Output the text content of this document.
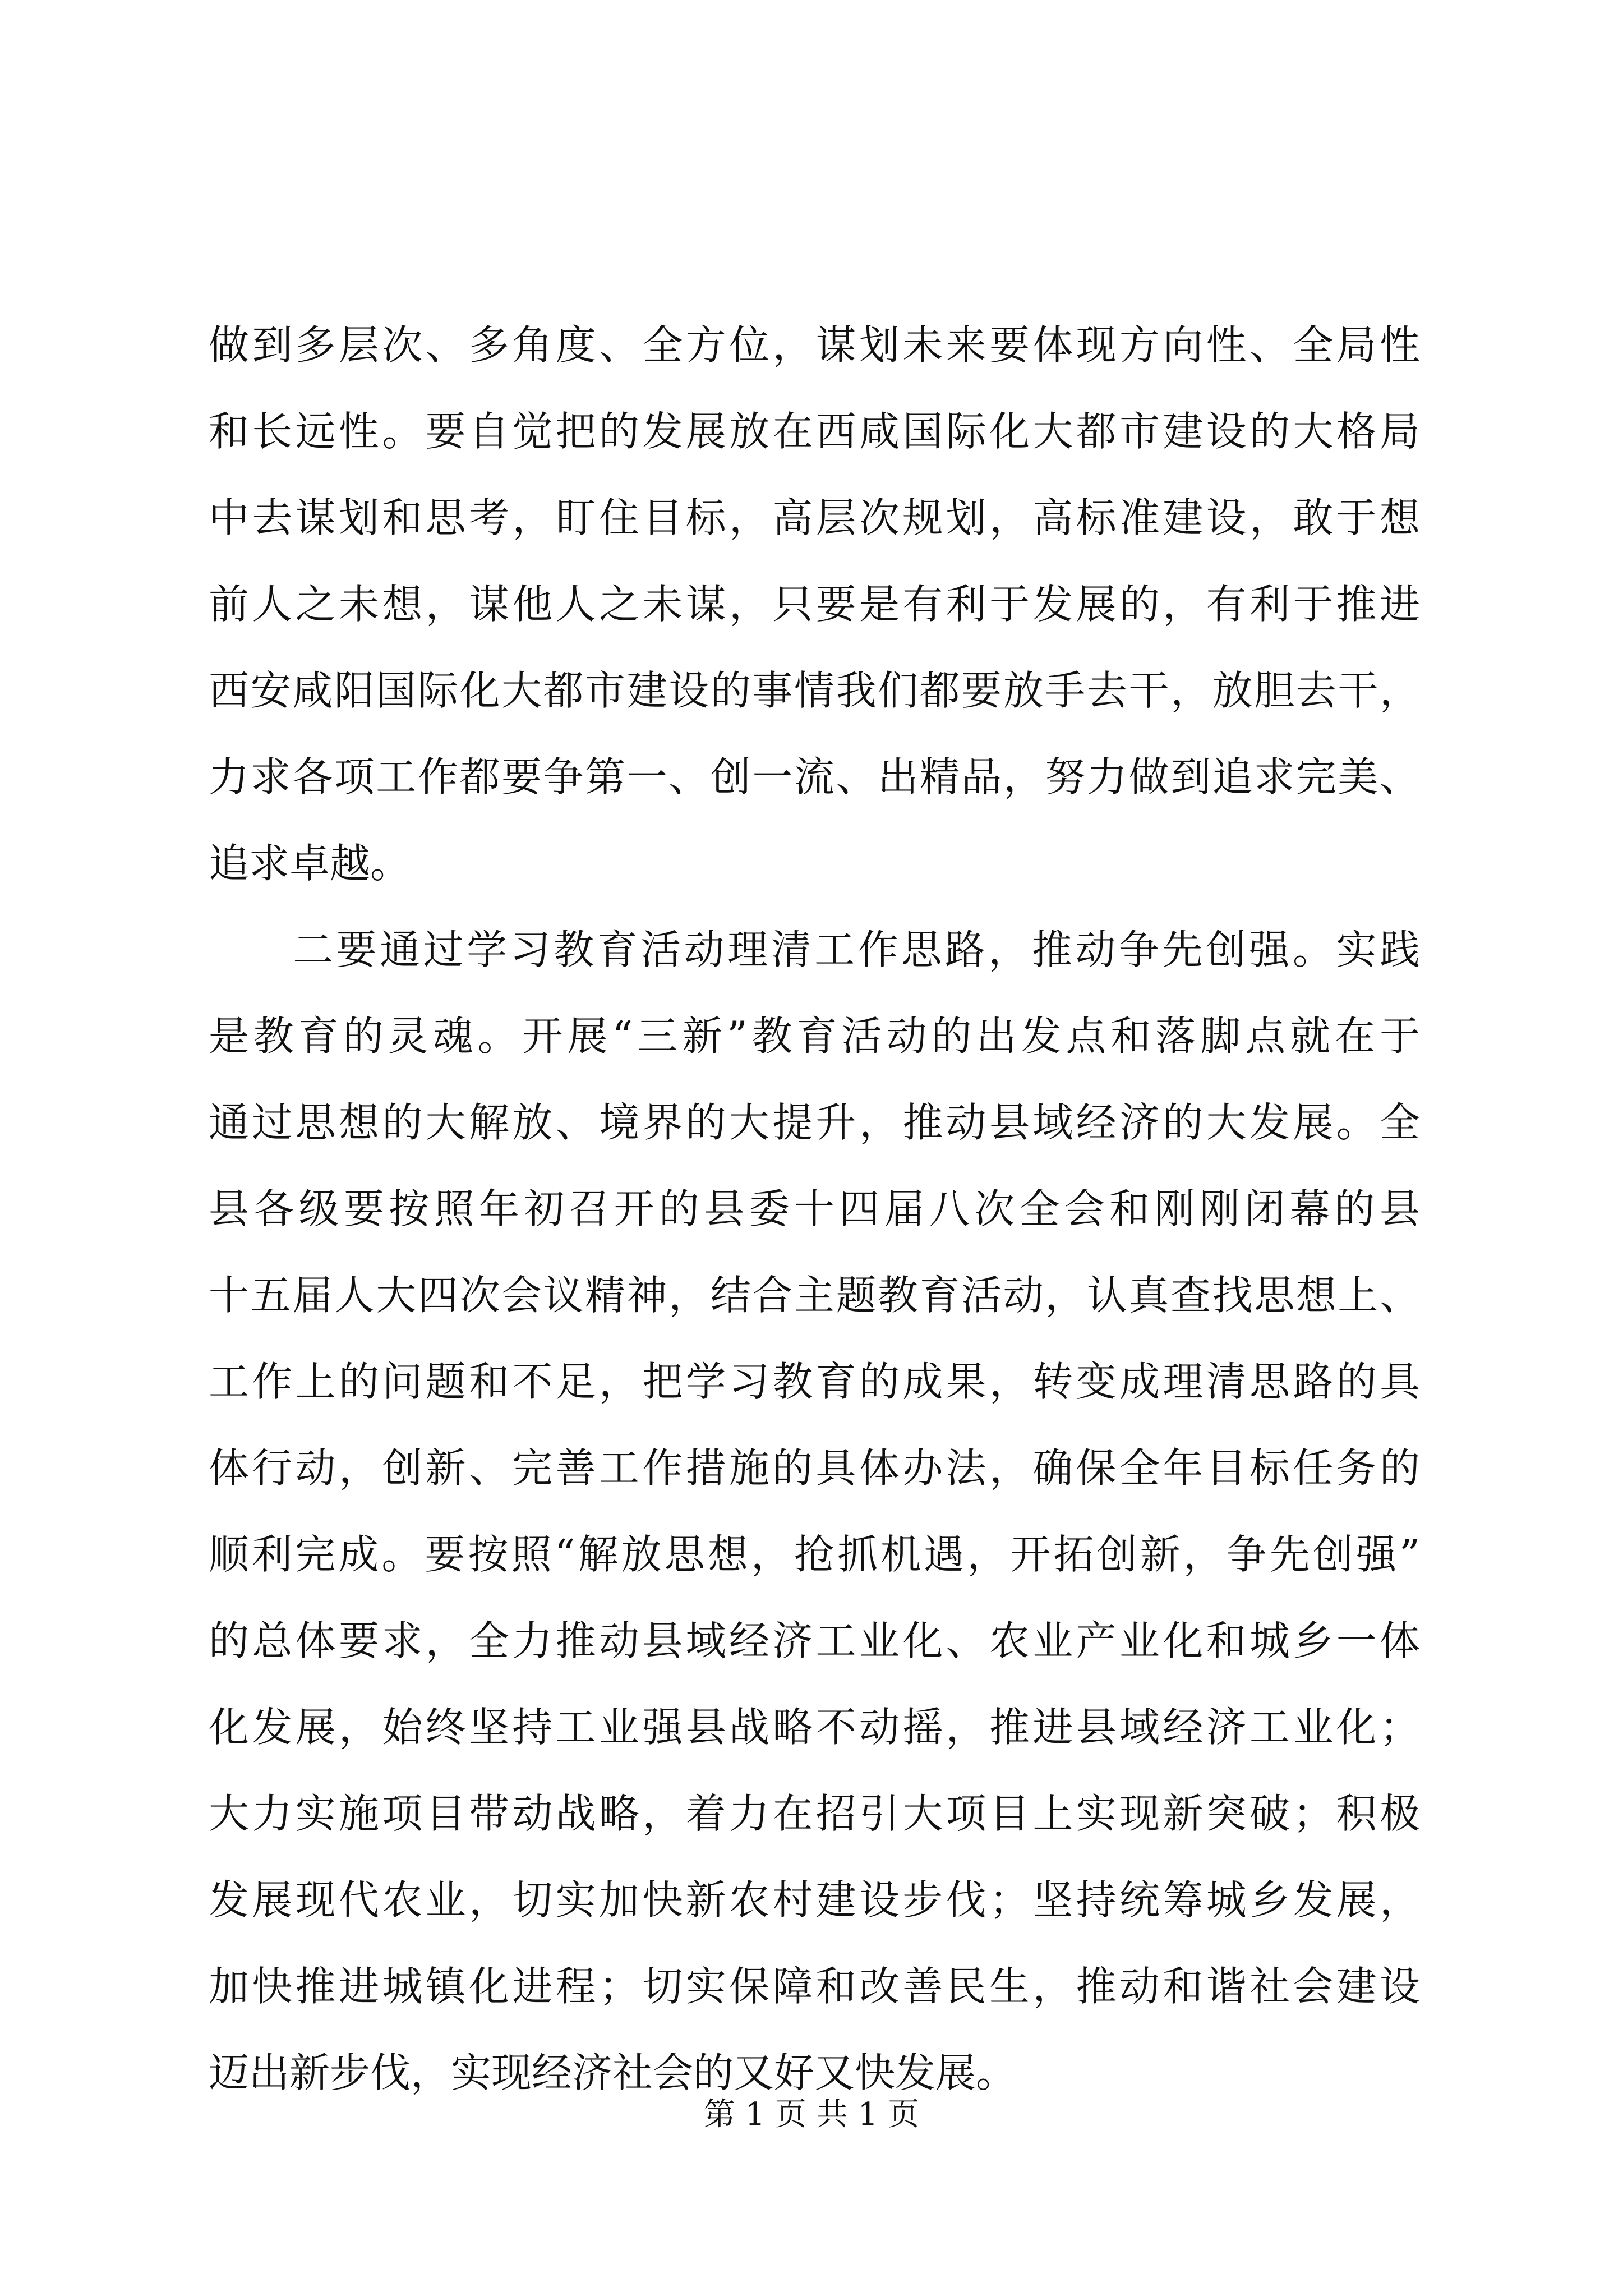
做到多层次、多角度、全方位，谋划未来要体现方向性、全局性
和长远性。要自觉把的发展放在西咸国际化大都市建设的大格局
中去谋划和思考，盯住目标，高层次规划，高标准建设，敢于想
前人之未想，谋他人之未谋，只要是有利于发展的，有利于推进
西安咸阳国际化大都市建设的事情我们都要放手去干，放胆去干，
力求各项工作都要争第一、创一流、出精品，努力做到追求完美、
追求卓越。
二要通过学习教育活动理清工作思路，推动争先创强。实践
是教育的灵魂。开展“三新”教育活动的出发点和落脚点就在于
通过思想的大解放、境界的大提升，推动县域经济的大发展。全
县各级要按照年初召开的县委十四届八次全会和刚刚闭幕的县
十五届人大四次会议精神，结合主题教育活动，认真查找思想上、
工作上的问题和不足，把学习教育的成果，转变成理清思路的具
体行动，创新、完善工作措施的具体办法，确保全年目标任务的
顺利完成。要按照“解放思想，抢抓机遇，开拓创新，争先创强”
的总体要求，全力推动县域经济工业化、农业产业化和城乡一体
化发展，始终坚持工业强县战略不动摇，推进县域经济工业化；
大力实施项目带动战略，着力在招引大项目上实现新突破；积极
发展现代农业，切实加快新农村建设步伐；坚持统筹城乡发展，
加快推进城镇化进程；切实保障和改善民生，推动和谐社会建设
迈出新步伐，实现经济社会的又好又快发展。
第 1 页 共 1 页
